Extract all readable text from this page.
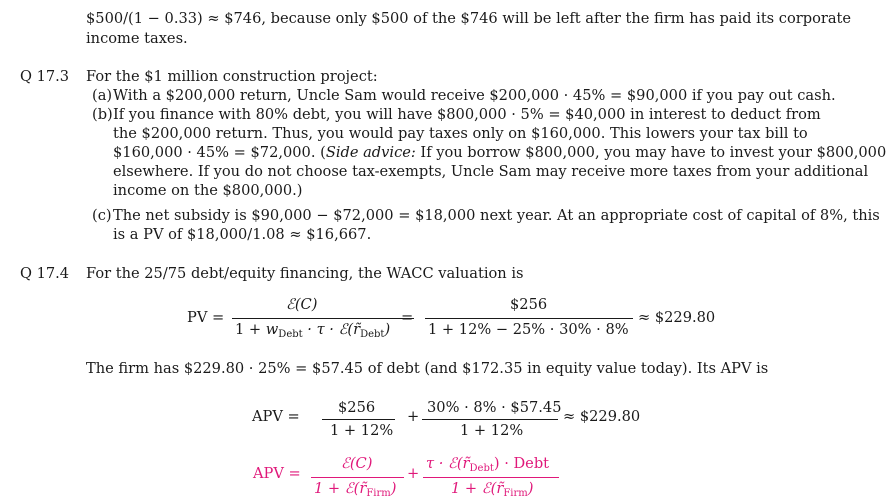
$500/(1 − 0.33) ≈ $746, because only $500 of the $746 will be left after the firm has paid its corporate
income taxes.
Q 17.3 For the $1 million construction project:
(a) With a $200,000 return, Uncle Sam would receive $200,000 · 45% = $90,000 if you pay out cash.
(b) If you finance with 80% debt, you will have $800,000 · 5% = $40,000 in interest to deduct from
the $200,000 return. Thus, you would pay taxes only on $160,000. This lowers your tax bill to
$160,000 · 45% = $72,000. (Side advice: If you borrow $800,000, you may have to invest your $800,000
elsewhere. If you do not choose tax-exempts, Uncle Sam may receive more taxes from your additional
income on the $800,000.)
(c) The net subsidy is $90,000 − $72,000 = $18,000 next year. At an appropriate cost of capital of 8%, this
is a PV of $18,000/1.08 ≈ $16,667.
Q 17.4 For the 25/75 debt/equity financing, the WACC valuation is
PV =
ℰ(C)
$1 + w_{Debt} \cdot \tau$ · $ℰ(r̃_{Debt})$
=
$256
1 + 12% − 25% · 30% · 8%
≈ $229.80
The firm has $229.80 · 25% = $57.45 of debt (and $172.35 in equity value today). Its APV is
APV =
$256
1 + 12%
+
30% · 8% · $57.45
1 + 12%
≈ $229.80
APV =
ℰ(C)
$1 + ℰ(r̃_{Firm})$
+
$\tau \cdot ℰ(r̃_{Debt})$ · Debt
$1 + ℰ(r̃_{Firm})$
